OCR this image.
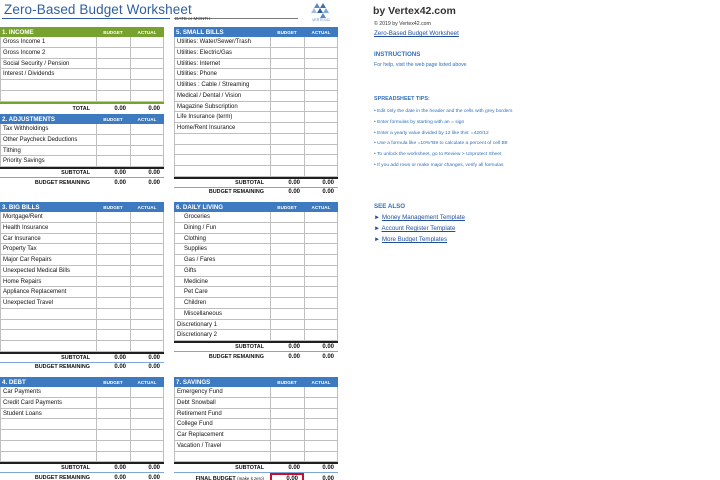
Zero-Based Budget Worksheet
DATE or MONTH	VERTEX42
1. INCOME	BUDGET	ACTUAL
Gross Income 1
Gross Income 2
Social Security / Pension
Interest / Dividends
TOTAL	0.00	0.00
2. ADJUSTMENTS	BUDGET	ACTUAL
Tax Withholdings
Other Paycheck Deductions
Tithing
Priority Savings
SUBTOTAL	0.00	0.00
BUDGET REMAINING	0.00	0.00
5. SMALL BILLS	BUDGET	ACTUAL
Utilities: Water/Sewer/Trash
Utilities: Electric/Gas
Utilities: Internet
Utilities: Phone
Utilities : Cable / Streaming
Medical / Dental / Vision
Magazine Subscription
Life Insurance (term)
Home/Rent Insurance
SUBTOTAL	0.00	0.00
BUDGET REMAINING	0.00	0.00
3. BIG BILLS	BUDGET	ACTUAL
Mortgage/Rent
Health Insurance
Car Insurance
Property Tax
Major Car Repairs
Unexpected Medical Bills
Home Repairs
Appliance Replacement
Unexpected Travel
SUBTOTAL	0.00	0.00
BUDGET REMAINING	0.00	0.00
6. DAILY LIVING	BUDGET	ACTUAL
Groceries
Dining / Fun
Clothing
Supplies
Gas / Fares
Gifts
Medicine
Pet Care
Children
Miscellaneous
Discretionary 1
Discretionary 2
SUBTOTAL	0.00	0.00
BUDGET REMAINING	0.00	0.00
4. DEBT	BUDGET	ACTUAL
Car Payments
Credit Card Payments
Student Loans
SUBTOTAL	0.00	0.00
BUDGET REMAINING	0.00	0.00
7. SAVINGS	BUDGET	ACTUAL
Emergency Fund
Debt Snowball
Retirement Fund
College Fund
Car Replacement
Vacation / Travel
SUBTOTAL	0.00	0.00
FINAL BUDGET (make it zero)	0.00	0.00
by Vertex42.com
© 2019 by Vertex42.com
Zero-Based Budget Worksheet
INSTRUCTIONS
For help, visit the web page listed above
SPREADSHEET TIPS:
• Edit only the date in the header and the cells with grey borders
• Enter formulas by starting with an = sign
• Enter a yearly value divided by 12 like this: =420/12
• Use a formula like =10%*B9 to calculate a percent of cell B9
• To unlock the worksheet, go to Review > Unprotect Sheet
• If you add rows or make major changes, verify all formulas
SEE ALSO
► Money Management Template
► Account Register Template
► More Budget Templates
